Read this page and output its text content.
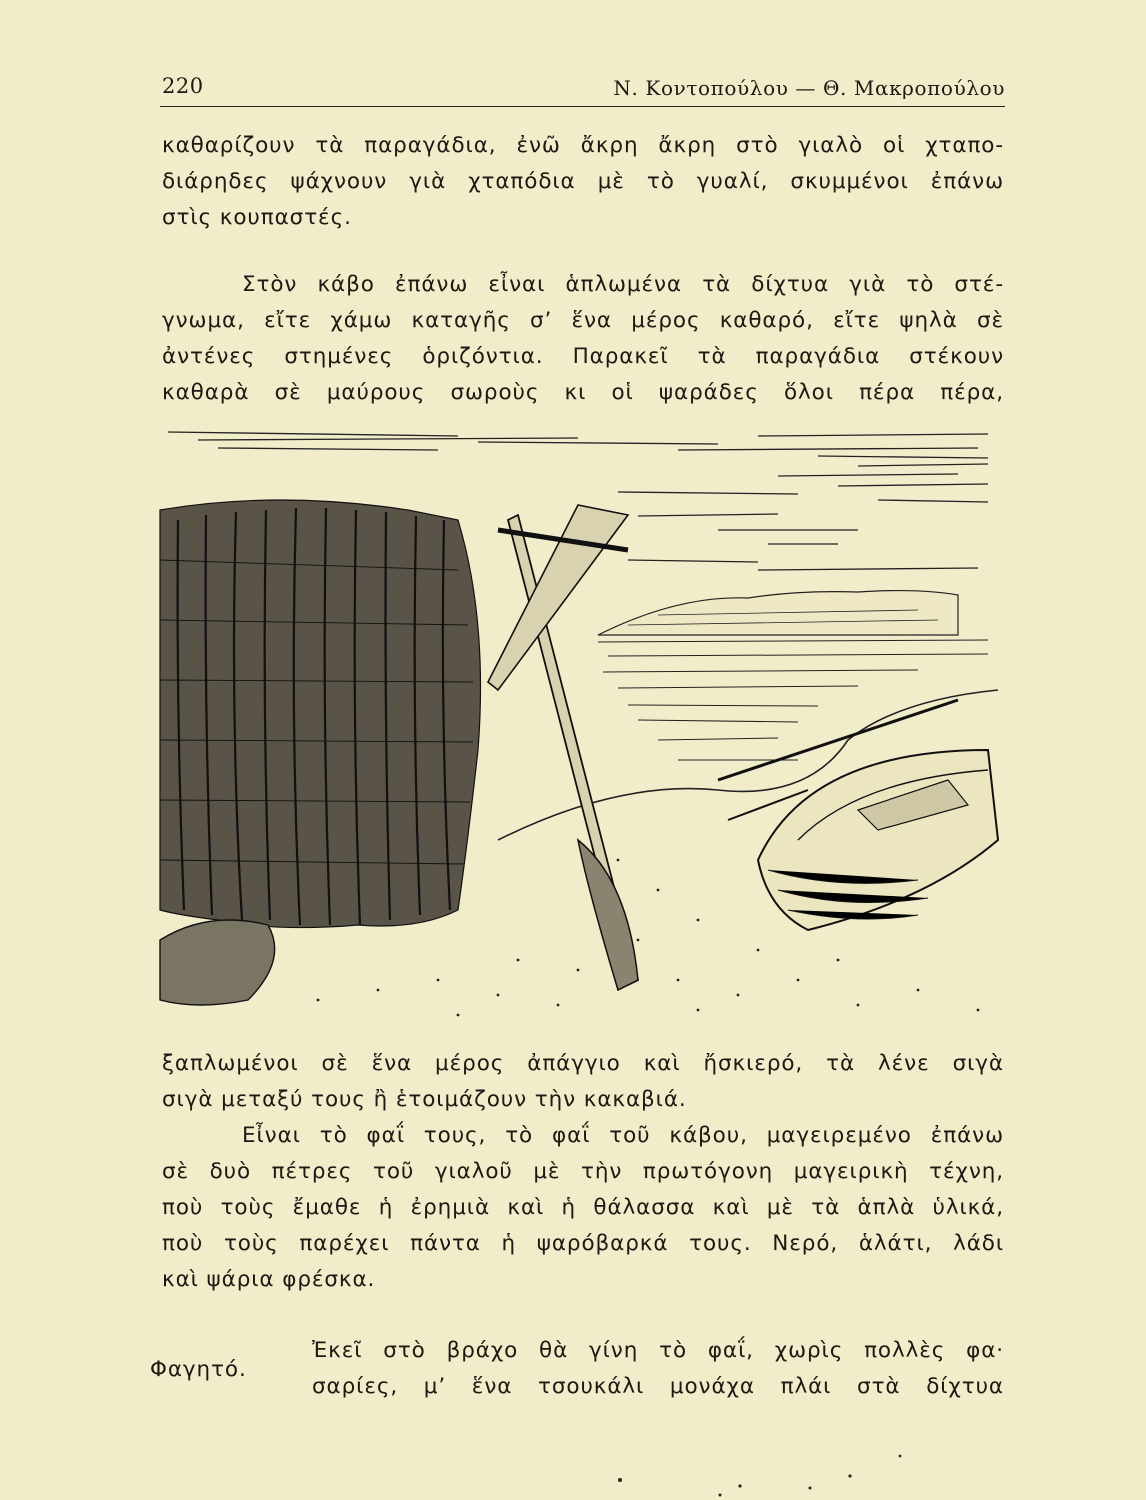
220	Ν. Κοντοπούλου — Θ. Μακροπούλου

καθαρίζουν τὰ παραγάδια, ἐνῶ ἄκρη ἄκρη στὸ γιαλὸ οἱ χταπο-
διάρηδες ψάχνουν γιὰ χταπόδια μὲ τὸ γυαλί, σκυμμένοι ἐπάνω
στὶς κουπαστές.

Στὸν κάβο ἐπάνω εἶναι ἁπλωμένα τὰ δίχτυα γιὰ τὸ στέ-
γνωμα, εἴτε χάμω καταγῆς σ’ ἕνα μέρος καθαρό, εἴτε ψηλὰ σὲ
ἀντένες στημένες ὁριζόντια. Παρακεῖ τὰ παραγάδια στέκουν
καθαρὰ σὲ μαύρους σωροὺς κι οἱ ψαράδες ὅλοι πέρα πέρα,

ξαπλωμένοι σὲ ἕνα μέρος ἀπάγγιο καὶ ἤσκιερό, τὰ λένε σιγὰ
σιγὰ μεταξύ τους ἢ ἑτοιμάζουν τὴν κακαβιά.

Εἶναι τὸ φαΐ τους, τὸ φαΐ τοῦ κάβου, μαγειρεμένο ἐπάνω
σὲ δυὸ πέτρες τοῦ γιαλοῦ μὲ τὴν πρωτόγονη μαγειρικὴ τέχνη,
ποὺ τοὺς ἔμαθε ἡ ἐρημιὰ καὶ ἡ θάλασσα καὶ μὲ τὰ ἁπλὰ ὑλικά,
ποὺ τοὺς παρέχει πάντα ἡ ψαρόβαρκά τους. Νερό, ἁλάτι, λάδι
καὶ ψάρια φρέσκα.

Φαγητό.

Ἐκεῖ στὸ βράχο θὰ γίνη τὸ φαΐ, χωρὶς πολλὲς φα·
σαρίες, μ’ ἕνα τσουκάλι μονάχα πλάι στὰ δίχτυα
